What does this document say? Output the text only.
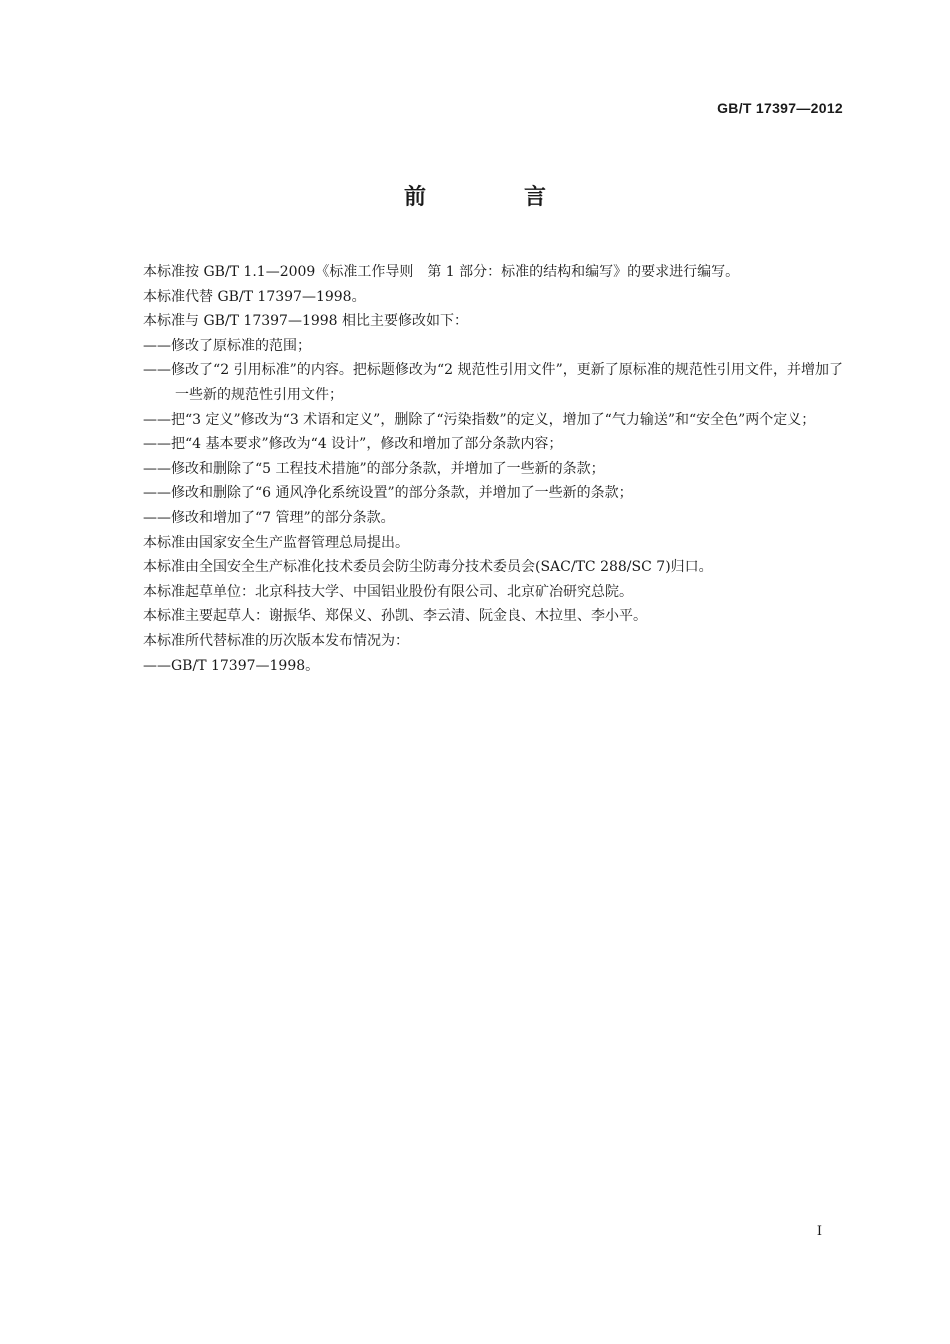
GB/T 17397—2012
前　言

本标准按 GB/T 1.1—2009《标准工作导则　第 1 部分：标准的结构和编写》的要求进行编写。

本标准代替 GB/T 17397—1998。

本标准与 GB/T 17397—1998 相比主要修改如下：

——修改了原标准的范围；

——修改了“2 引用标准”的内容。把标题修改为“2 规范性引用文件”，更新了原标准的规范性引用文件，并增加了一些新的规范性引用文件；

——把“3 定义”修改为“3 术语和定义”，删除了“污染指数”的定义，增加了“气力输送”和“安全色”两个定义；

——把“4 基本要求”修改为“4 设计”，修改和增加了部分条款内容；

——修改和删除了“5 工程技术措施”的部分条款，并增加了一些新的条款；

——修改和删除了“6 通风净化系统设置”的部分条款，并增加了一些新的条款；

——修改和增加了“7 管理”的部分条款。

本标准由国家安全生产监督管理总局提出。

本标准由全国安全生产标准化技术委员会防尘防毒分技术委员会(SAC/TC 288/SC 7)归口。

本标准起草单位：北京科技大学、中国铝业股份有限公司、北京矿冶研究总院。

本标准主要起草人：谢振华、郑保义、孙凯、李云清、阮金良、木拉里、李小平。

本标准所代替标准的历次版本发布情况为：

——GB/T 17397—1998。

I
